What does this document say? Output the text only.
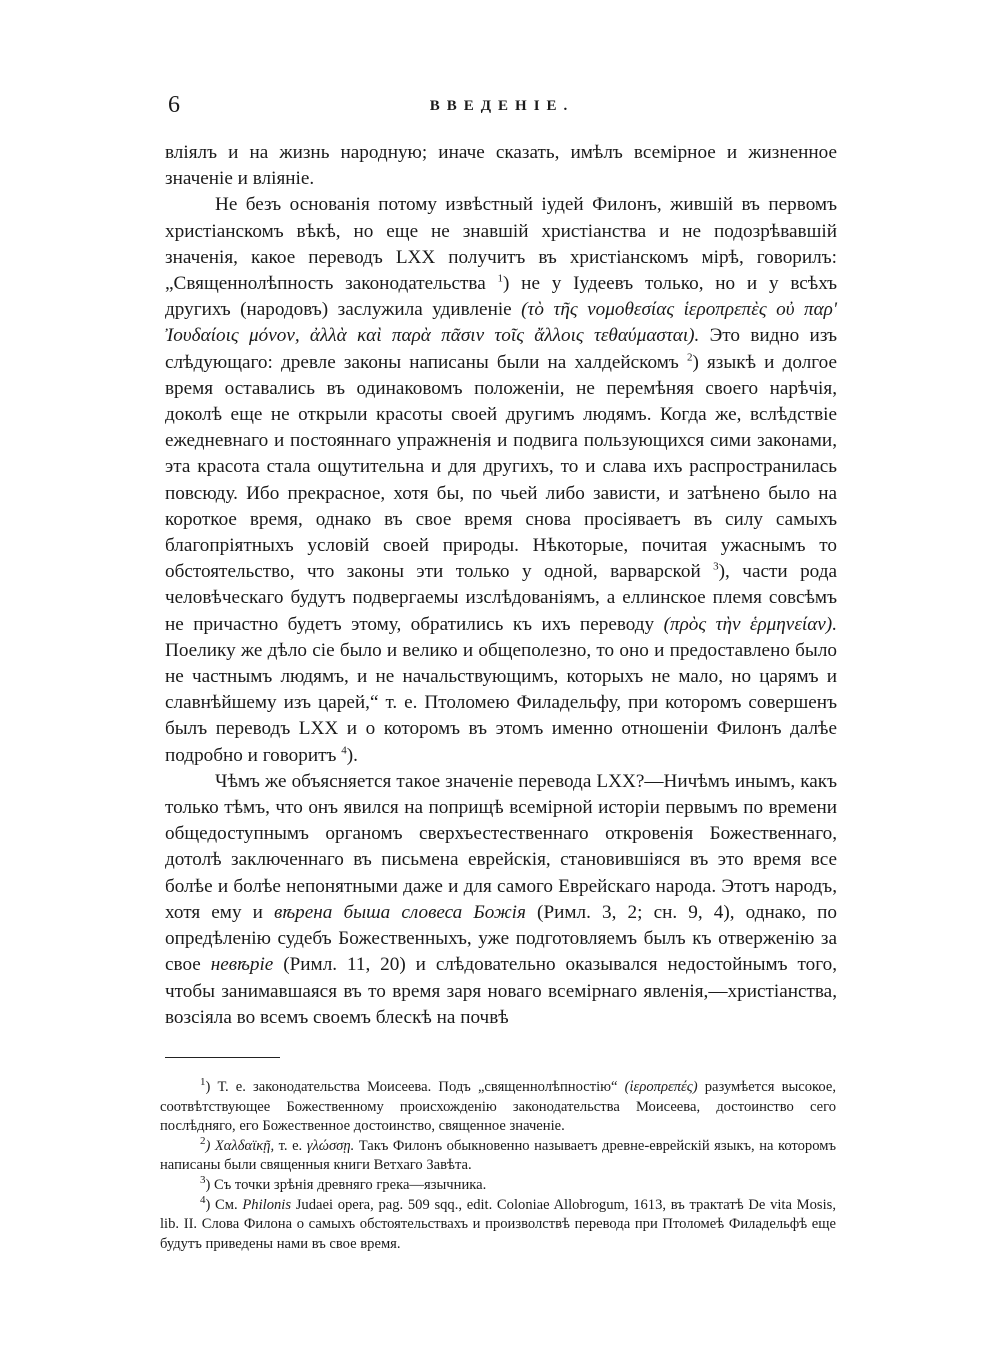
6	ВВЕДЕНІЕ.

вліялъ и на жизнь народную; иначе сказать, имѣлъ всемірное и жизненное значеніе и вліяніе.

Не безъ основанія потому извѣстный іудей Филонъ, жившій въ первомъ христіанскомъ вѣкѣ, но еще не знавшій христіанства и не подозрѣвавшій значенія, какое переводъ LXX получитъ въ христіанскомъ мірѣ, говорилъ: „Священнолѣпность законодательства $^1$) не у Іудеевъ только, но и у всѣхъ другихъ (народовъ) заслужила удивленіе (τὸ τῆς νομοθεσίας ἱεροπρεπὲς οὐ παρ' Ἰουδαίοις μόνον, ἀλλὰ καὶ παρὰ πᾶσιν τοῖς ἄλλοις τεθαύμασται). Это видно изъ слѣдующаго: древле законы написаны были на халдейскомъ $^2$) языкѣ и долгое время оставались въ одинаковомъ положеніи, не перемѣняя своего нарѣчія, доколѣ еще не открыли красоты своей другимъ людямъ. Когда же, вслѣдствіе ежедневнаго и постояннаго упражненія и подвига пользующихся сими законами, эта красота стала ощутительна и для другихъ, то и слава ихъ распространилась повсюду. Ибо прекрасное, хотя бы, по чьей либо зависти, и затѣнено было на короткое время, однако въ свое время снова просіяваетъ въ силу самыхъ благопріятныхъ условій своей природы. Нѣкоторые, почитая ужаснымъ то обстоятельство, что законы эти только у одной, варварской $^3$), части рода человѣческаго будутъ подвергаемы изслѣдованіямъ, а еллинское племя совсѣмъ не причастно будетъ этому, обратились къ ихъ переводу (πρὸς τὴν ἑρμηνείαν). Поелику же дѣло сіе было и велико и общеполезно, то оно и предоставлено было не частнымъ людямъ, и не начальствующимъ, которыхъ не мало, но царямъ и славнѣйшему изъ царей,“ т. е. Птоломею Филадельфу, при которомъ совершенъ былъ переводъ LXX и о которомъ въ этомъ именно отношеніи Филонъ далѣе подробно и говоритъ $^4$).

Чѣмъ же объясняется такое значеніе перевода LXX?—Ничѣмъ инымъ, какъ только тѣмъ, что онъ явился на поприщѣ всемірной исторіи первымъ по времени общедоступнымъ органомъ сверхъестественнаго откровенія Божественнаго, дотолѣ заключеннаго въ письмена еврейскія, становившіяся въ это время все болѣе и болѣе непонятными даже и для самого Еврейскаго народа. Этотъ народъ, хотя ему и вѣрена быша словеса Божія (Римл. 3, 2; сн. 9, 4), однако, по опредѣленію судебъ Божественныхъ, уже подготовляемъ былъ къ отверженію за свое невѣріе (Римл. 11, 20) и слѣдовательно оказывался недостойнымъ того, чтобы занимавшаяся въ то время заря новаго всемірнаго явленія,—христіанства, возсіяла во всемъ своемъ блескѣ на почвѣ

$^1$) Т. е. законодательства Моисеева. Подъ „священнолѣпностію“ (ἱεροπρεπές) разумѣется высокое, соотвѣтствующее Божественному происхожденію законодательства Моисеева, достоинство сего послѣдняго, его Божественное достоинство, священное значеніе.

$^2$) Χαλδαϊκῇ, т. е. γλώσσῃ. Такъ Филонъ обыкновенно называетъ древне-еврейскій языкъ, на которомъ написаны были священныя книги Ветхаго Завѣта.

$^3$) Съ точки зрѣнія древняго грека—язычника.

$^4$) См. Philonis Judaei opera, pag. 509 sqq., edit. Coloniae Allobrogum, 1613, въ трактатѣ De vita Mosis, lib. II. Слова Филона о самыхъ обстоятельствахъ и произволствѣ перевода при Птоломеѣ Филадельфѣ еще будутъ приведены нами въ свое время.
